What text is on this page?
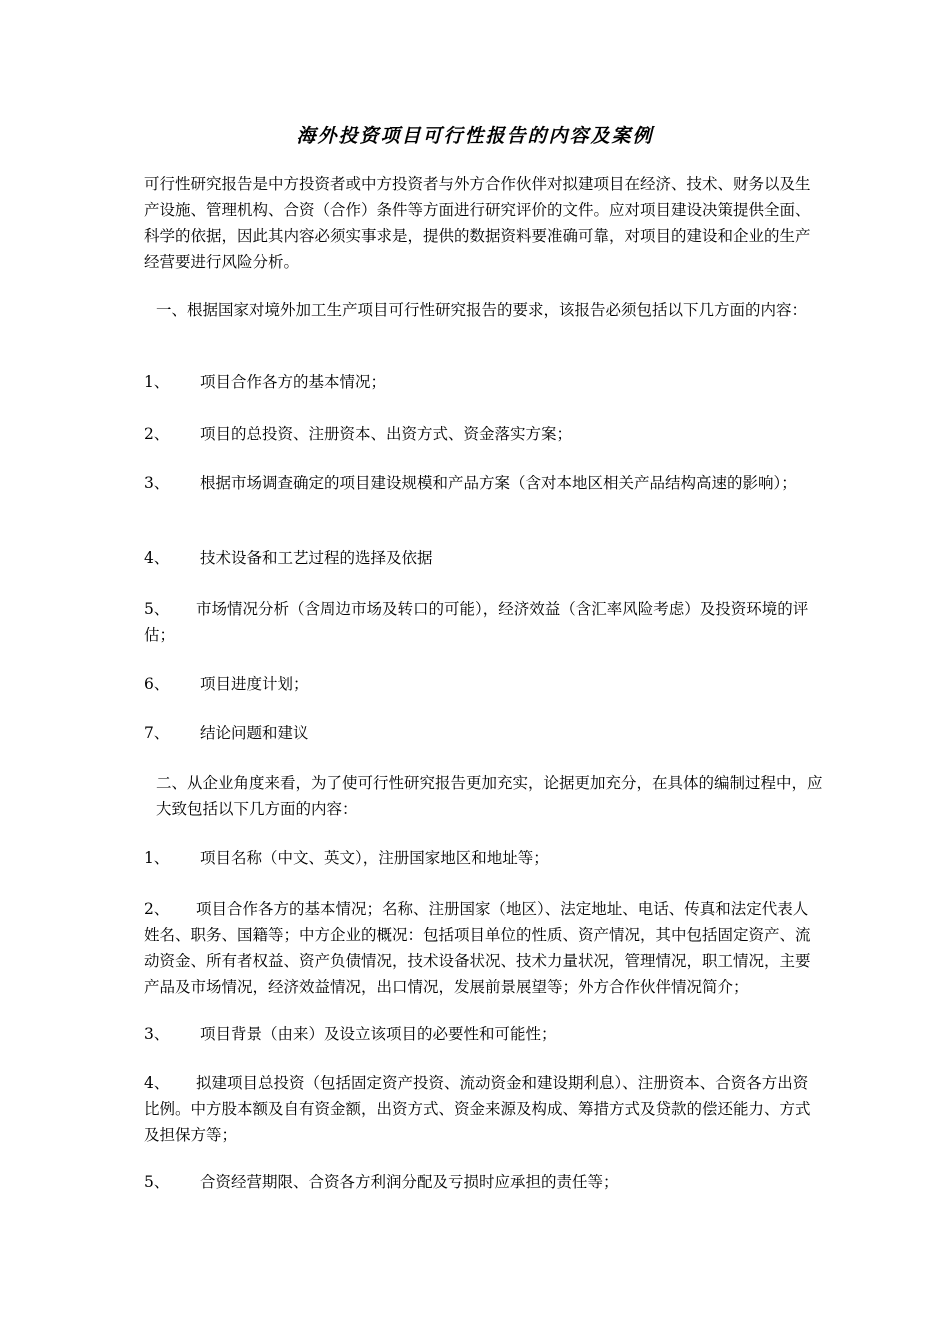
海外投资项目可行性报告的内容及案例

可行性研究报告是中方投资者或中方投资者与外方合作伙伴对拟建项目在经济、技术、财务以及生产设施、管理机构、合资（合作）条件等方面进行研究评价的文件。应对项目建设决策提供全面、科学的依据，因此其内容必须实事求是，提供的数据资料要准确可靠，对项目的建设和企业的生产经营要进行风险分析。

一、根据国家对境外加工生产项目可行性研究报告的要求，该报告必须包括以下几方面的内容：

1、 项目合作各方的基本情况；

2、 项目的总投资、注册资本、出资方式、资金落实方案；

3、 根据市场调查确定的项目建设规模和产品方案（含对本地区相关产品结构高速的影响）；

4、 技术设备和工艺过程的选择及依据

5、 市场情况分析（含周边市场及转口的可能），经济效益（含汇率风险考虑）及投资环境的评估；

6、 项目进度计划；

7、 结论问题和建议

二、从企业角度来看，为了使可行性研究报告更加充实，论据更加充分，在具体的编制过程中，应大致包括以下几方面的内容：

1、 项目名称（中文、英文），注册国家地区和地址等；

2、 项目合作各方的基本情况；名称、注册国家（地区）、法定地址、电话、传真和法定代表人姓名、职务、国籍等；中方企业的概况：包括项目单位的性质、资产情况，其中包括固定资产、流动资金、所有者权益、资产负债情况，技术设备状况、技术力量状况，管理情况，职工情况，主要产品及市场情况，经济效益情况，出口情况，发展前景展望等；外方合作伙伴情况简介；

3、 项目背景（由来）及设立该项目的必要性和可能性；

4、 拟建项目总投资（包括固定资产投资、流动资金和建设期利息）、注册资本、合资各方出资比例。中方股本额及自有资金额，出资方式、资金来源及构成、筹措方式及贷款的偿还能力、方式及担保方等；

5、 合资经营期限、合资各方利润分配及亏损时应承担的责任等；
